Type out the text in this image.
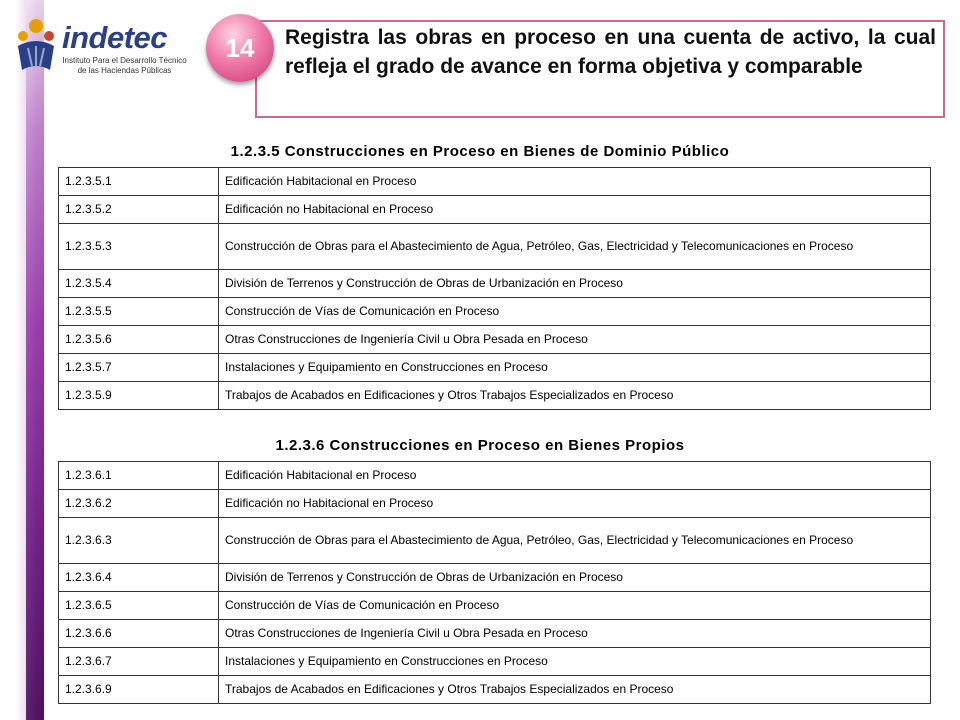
indetec
Instituto Para el Desarrollo Técnico de las Haciendas Públicas
14	Registra las obras en proceso en una cuenta de activo, la cual refleja el grado de avance en forma objetiva y comparable
1.2.3.5 Construcciones en Proceso en Bienes de Dominio Público
1.2.3.5.1	Edificación Habitacional en Proceso
1.2.3.5.2	Edificación no Habitacional en Proceso
1.2.3.5.3	Construcción de Obras para el Abastecimiento de Agua, Petróleo, Gas, Electricidad y Telecomunicaciones en Proceso
1.2.3.5.4	División de Terrenos y Construcción de Obras de Urbanización en Proceso
1.2.3.5.5	Construcción de Vías de Comunicación en Proceso
1.2.3.5.6	Otras Construcciones de Ingeniería Civil u Obra Pesada en Proceso
1.2.3.5.7	Instalaciones y Equipamiento en Construcciones en Proceso
1.2.3.5.9	Trabajos de Acabados en Edificaciones y Otros Trabajos Especializados en Proceso
1.2.3.6 Construcciones en Proceso en Bienes Propios
1.2.3.6.1	Edificación Habitacional en Proceso
1.2.3.6.2	Edificación no Habitacional en Proceso
1.2.3.6.3	Construcción de Obras para el Abastecimiento de Agua, Petróleo, Gas, Electricidad y Telecomunicaciones en Proceso
1.2.3.6.4	División de Terrenos y Construcción de Obras de Urbanización en Proceso
1.2.3.6.5	Construcción de Vías de Comunicación en Proceso
1.2.3.6.6	Otras Construcciones de Ingeniería Civil u Obra Pesada en Proceso
1.2.3.6.7	Instalaciones y Equipamiento en Construcciones en Proceso
1.2.3.6.9	Trabajos de Acabados en Edificaciones y Otros Trabajos Especializados en Proceso
